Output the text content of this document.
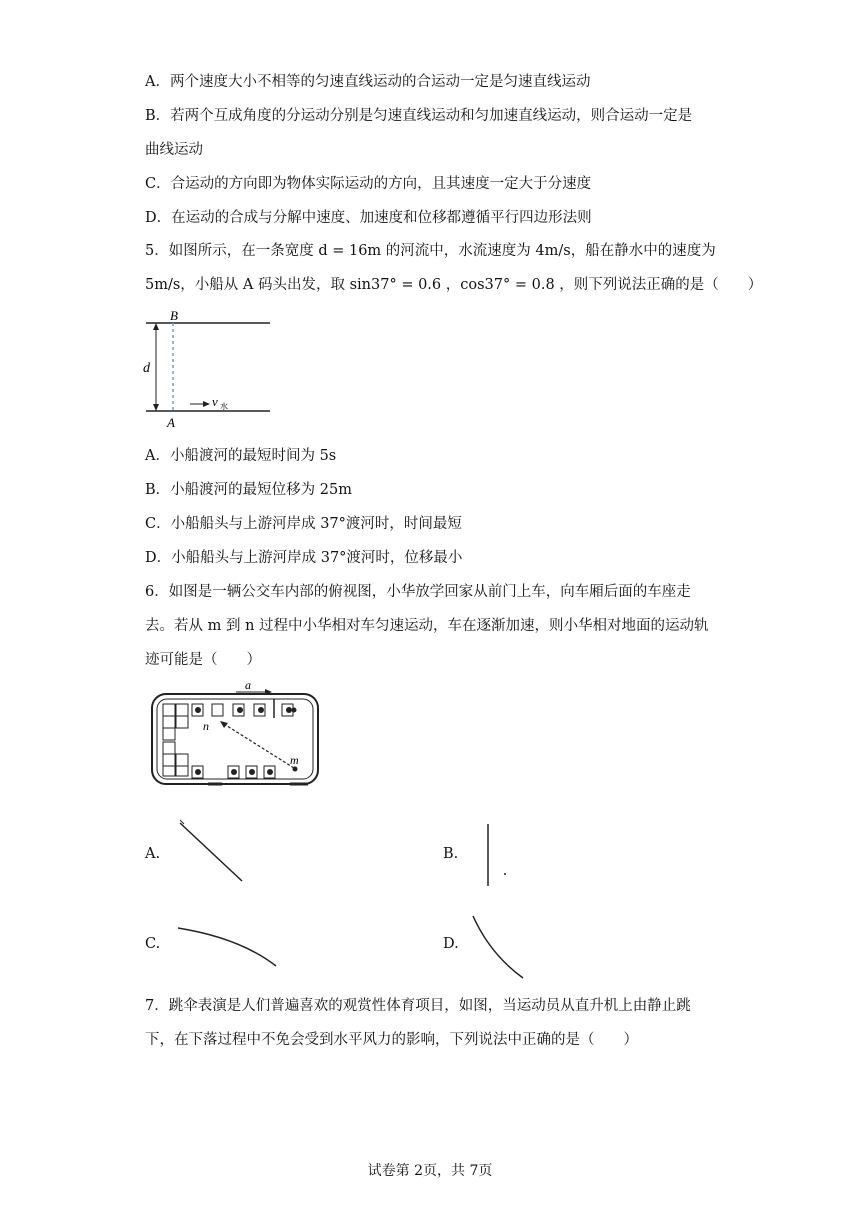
A．两个速度大小不相等的匀速直线运动的合运动一定是匀速直线运动
B．若两个互成角度的分运动分别是匀速直线运动和匀加速直线运动，则合运动一定是
曲线运动
C．合运动的方向即为物体实际运动的方向，且其速度一定大于分速度
D．在运动的合成与分解中速度、加速度和位移都遵循平行四边形法则
5．如图所示，在一条宽度 d = 16m 的河流中，水流速度为 4m/s，船在静水中的速度为
5m/s，小船从 A 码头出发，取 sin37° = 0.6 ，cos37° = 0.8 ，则下列说法正确的是（　　）
B
A
d
v 水
A．小船渡河的最短时间为 5s
B．小船渡河的最短位移为 25m
C．小船船头与上游河岸成 37°渡河时，时间最短
D．小船船头与上游河岸成 37°渡河时，位移最小
6．如图是一辆公交车内部的俯视图，小华放学回家从前门上车，向车厢后面的车座走
去。若从 m 到 n 过程中小华相对车匀速运动，车在逐渐加速，则小华相对地面的运动轨
迹可能是（　　）
a
n
m
A.	B.
C.	D.
7．跳伞表演是人们普遍喜欢的观赏性体育项目，如图，当运动员从直升机上由静止跳
下，在下落过程中不免会受到水平风力的影响，下列说法中正确的是（　　）
试卷第 2页，共 7页
